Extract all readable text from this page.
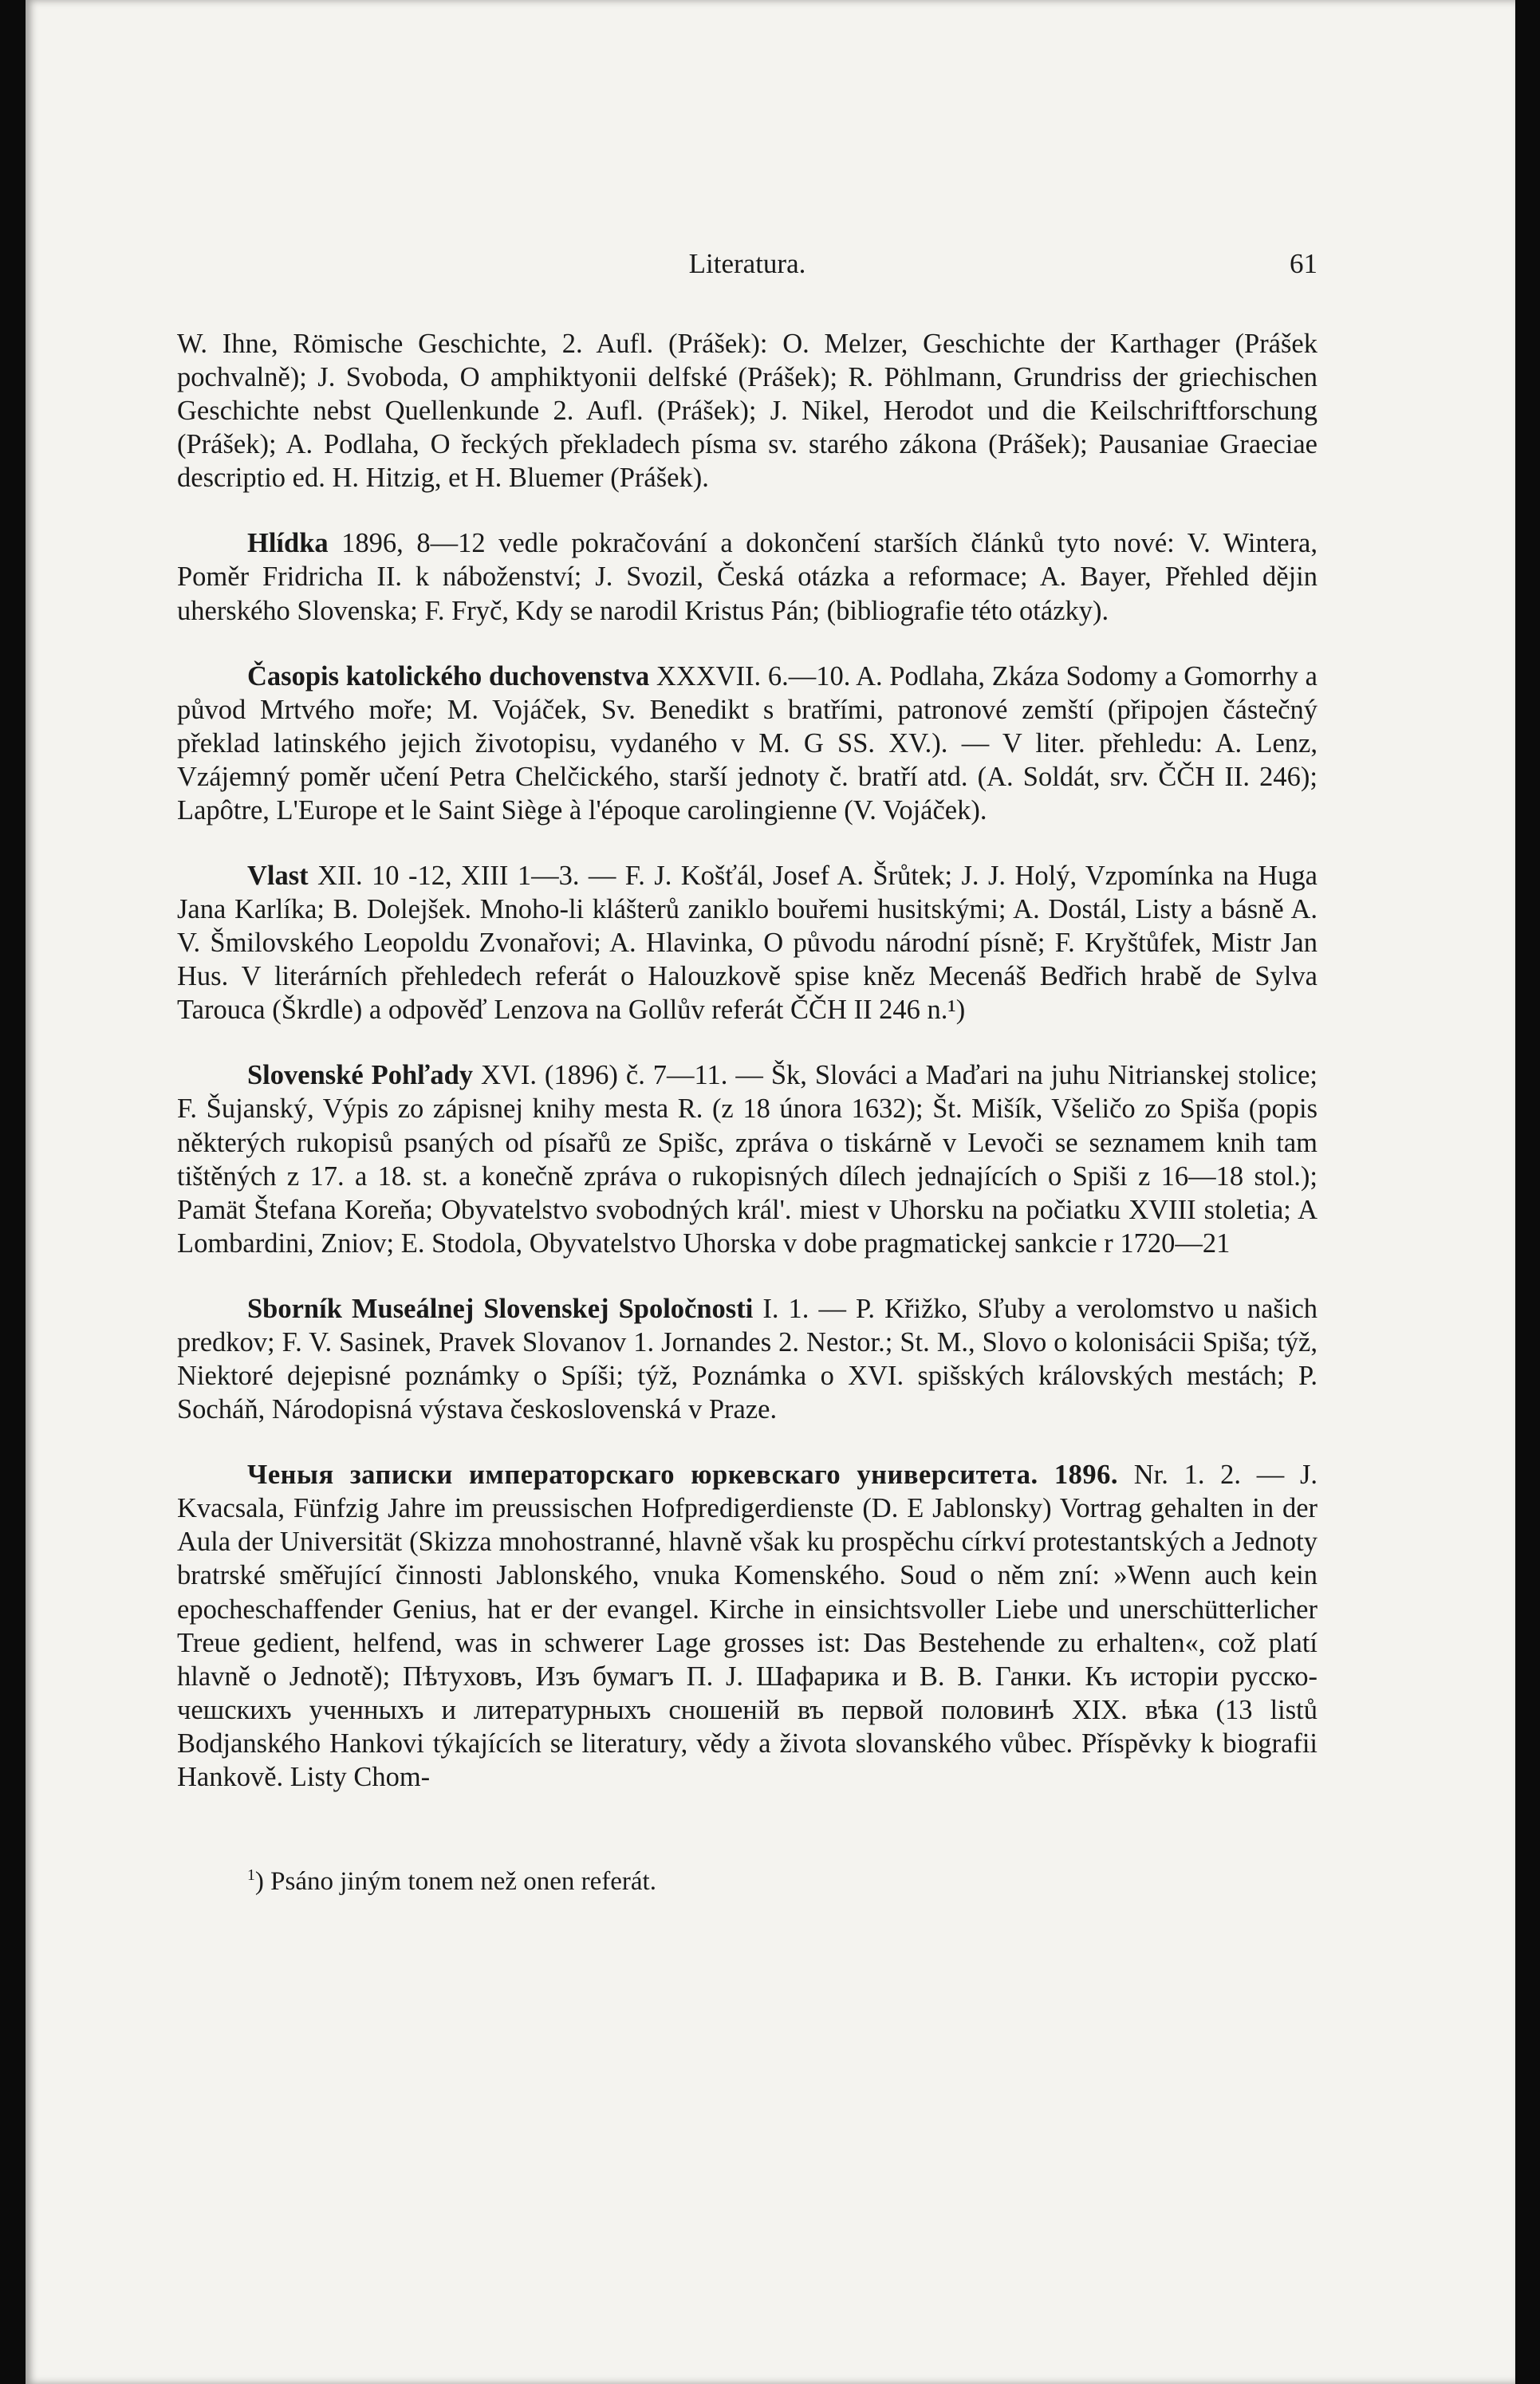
Literatura.	61

W. Ihne, Römische Geschichte, 2. Aufl. (Prášek): O. Melzer, Geschichte der Karthager (Prášek pochvalně); J. Svoboda, O amphiktyonii delfské (Prášek); R. Pöhlmann, Grundriss der griechischen Geschichte nebst Quellenkunde 2. Aufl. (Prášek); J. Nikel, Herodot und die Keilschriftforschung (Prášek); A. Podlaha, O řeckých překladech písma sv. starého zákona (Prášek); Pausaniae Graeciae descriptio ed. H. Hitzig, et H. Bluemer (Prášek).

Hlídka 1896, 8—12 vedle pokračování a dokončení starších článků tyto nové: V. Wintera, Poměr Fridricha II. k náboženství; J. Svozil, Česká otázka a reformace; A. Bayer, Přehled dějin uherského Slovenska; F. Fryč, Kdy se narodil Kristus Pán; (bibliografie této otázky).

Časopis katolického duchovenstva XXXVII. 6.—10. A. Podlaha, Zkáza Sodomy a Gomorrhy a původ Mrtvého moře; M. Vojáček, Sv. Benedikt s bratřími, patronové zemští (připojen částečný překlad latinského jejich životopisu, vydaného v M. G SS. XV.). — V liter. přehledu: A. Lenz, Vzájemný poměr učení Petra Chelčického, starší jednoty č. bratří atd. (A. Soldát, srv. ČČH II. 246); Lapôtre, L'Europe et le Saint Siège à l'époque carolingienne (V. Vojáček).

Vlast XII. 10 -12, XIII 1—3. — F. J. Košťál, Josef A. Šrůtek; J. J. Holý, Vzpomínka na Huga Jana Karlíka; B. Dolejšek. Mnoho-li klášterů zaniklo bouřemi husitskými; A. Dostál, Listy a básně A. V. Šmilovského Leopoldu Zvonařovi; A. Hlavinka, O původu národní písně; F. Kryštůfek, Mistr Jan Hus. V literárních přehledech referát o Halouzkově spise kněz Mecenáš Bedřich hrabě de Sylva Tarouca (Škrdle) a odpověď Lenzova na Gollův referát ČČH II 246 n.¹)

Slovenské Pohľady XVI. (1896) č. 7—11. — Šk, Slováci a Maďari na juhu Nitrianskej stolice; F. Šujanský, Výpis zo zápisnej knihy mesta R. (z 18 února 1632); Št. Mišík, Všeličo zo Spiša (popis některých rukopisů psaných od písařů ze Spišc, zpráva o tiskárně v Levoči se seznamem knih tam tištěných z 17. a 18. st. a konečně zpráva o rukopisných dílech jednajících o Spiši z 16—18 stol.); Pamät Štefana Koreňa; Obyvatelstvo svobodných král'. miest v Uhorsku na počiatku XVIII stoletia; A Lombardini, Zniov; E. Stodola, Obyvatelstvo Uhorska v dobe pragmatickej sankcie r 1720—21

Sborník Museálnej Slovenskej Spoločnosti I. 1. — P. Křižko, Sľuby a verolomstvo u našich predkov; F. V. Sasinek, Pravek Slovanov 1. Jornandes 2. Nestor.; St. M., Slovo o kolonisácii Spiša; týž, Niektoré dejepisné poznámky o Spíši; týž, Poznámka o XVI. spišských královských mestách; P. Socháň, Národopisná výstava československá v Praze.

Ченыя записки императорскаго юркевскаго университета. 1896. Nr. 1. 2. — J. Kvacsala, Fünfzig Jahre im preussischen Hofpredigerdienste (D. E Jablonsky) Vortrag gehalten in der Aula der Universität (Skizza mnohostranné, hlavně však ku prospěchu církví protestantských a Jednoty bratrské směřující činnosti Jablonského, vnuka Komenského. Soud o něm zní: »Wenn auch kein epocheschaffender Genius, hat er der evangel. Kirche in einsichtsvoller Liebe und unerschütterlicher Treue gedient, helfend, was in schwerer Lage grosses ist: Das Bestehende zu erhalten«, což platí hlavně o Jednotě); Пѣтуховъ, Изъ бумагъ П. J. Шафарика и В. В. Ганки. Къ исторіи русско-чешскихъ ученныхъ и литературныхъ сношеній въ первой половинѣ XIX. вѣка (13 listů Bodjanského Hankovi týkajících se literatury, vědy a života slovanského vůbec. Příspěvky k biografii Hankově. Listy Chom-

$^1$) Psáno jiným tonem než onen referát.
